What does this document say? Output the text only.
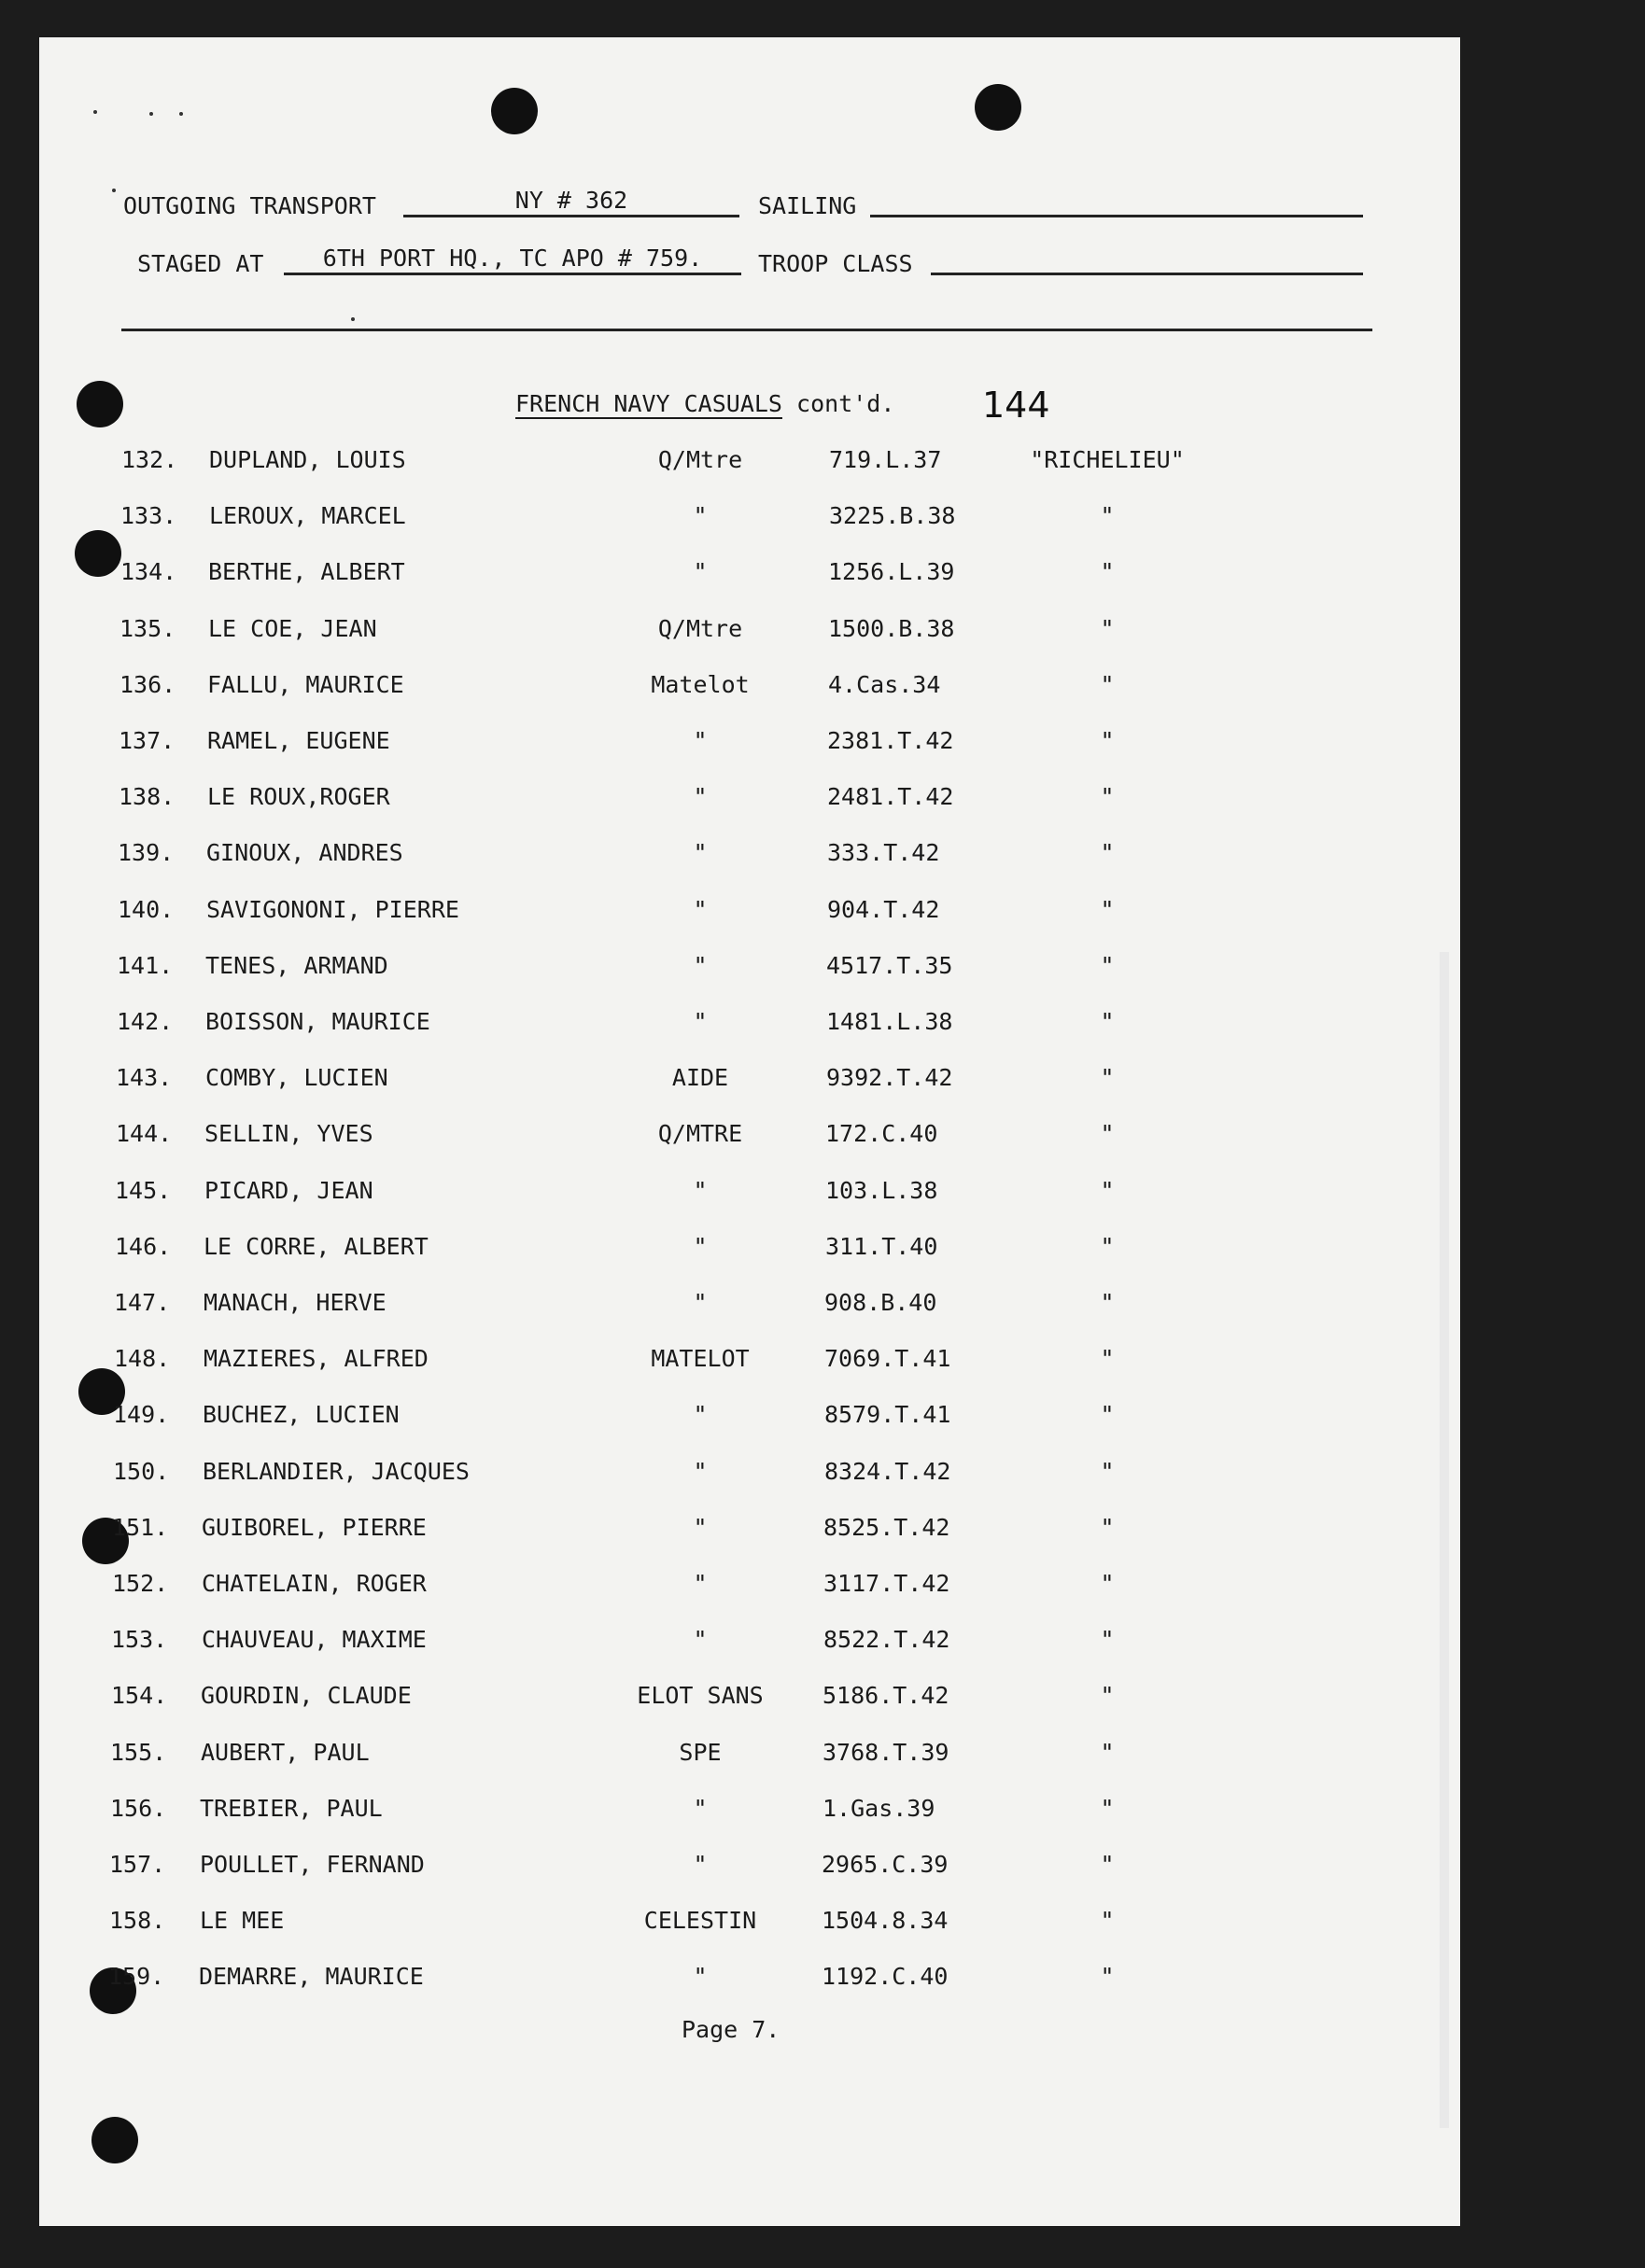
OUTGOING TRANSPORT	NY # 362	SAILING
STAGED AT	6TH PORT HQ., TC APO # 759.	TROOP CLASS
FRENCH NAVY CASUALS cont'd. 144
132. DUPLAND, LOUIS	Q/Mtre	719.L.37	"RICHELIEU"
133. LEROUX, MARCEL	"	3225.B.38	"
134. BERTHE, ALBERT	"	1256.L.39	"
135. LE COE, JEAN	Q/Mtre	1500.B.38	"
136. FALLU, MAURICE	Matelot	4.Cas.34	"
137. RAMEL, EUGENE	"	2381.T.42	"
138. LE ROUX,ROGER	"	2481.T.42	"
139. GINOUX, ANDRES	"	333.T.42	"
140. SAVIGONONI, PIERRE	"	904.T.42	"
141. TENES, ARMAND	"	4517.T.35	"
142. BOISSON, MAURICE	"	1481.L.38	"
143. COMBY, LUCIEN	AIDE	9392.T.42	"
144. SELLIN, YVES	Q/MTRE	172.C.40	"
145. PICARD, JEAN	"	103.L.38	"
146. LE CORRE, ALBERT	"	311.T.40	"
147. MANACH, HERVE	"	908.B.40	"
148. MAZIERES, ALFRED	MATELOT	7069.T.41	"
149. BUCHEZ, LUCIEN	"	8579.T.41	"
150. BERLANDIER, JACQUES	"	8324.T.42	"
151. GUIBOREL, PIERRE	"	8525.T.42	"
152. CHATELAIN, ROGER	"	3117.T.42	"
153. CHAUVEAU, MAXIME	"	8522.T.42	"
154. GOURDIN, CLAUDE	ELOT SANS	5186.T.42	"
155. AUBERT, PAUL	SPE	3768.T.39	"
156. TREBIER, PAUL	"	1.Gas.39	"
157. POULLET, FERNAND	"	2965.C.39	"
158. LE MEE	CELESTIN	1504.8.34	"
159. DEMARRE, MAURICE	"	1192.C.40	"
Page 7.
